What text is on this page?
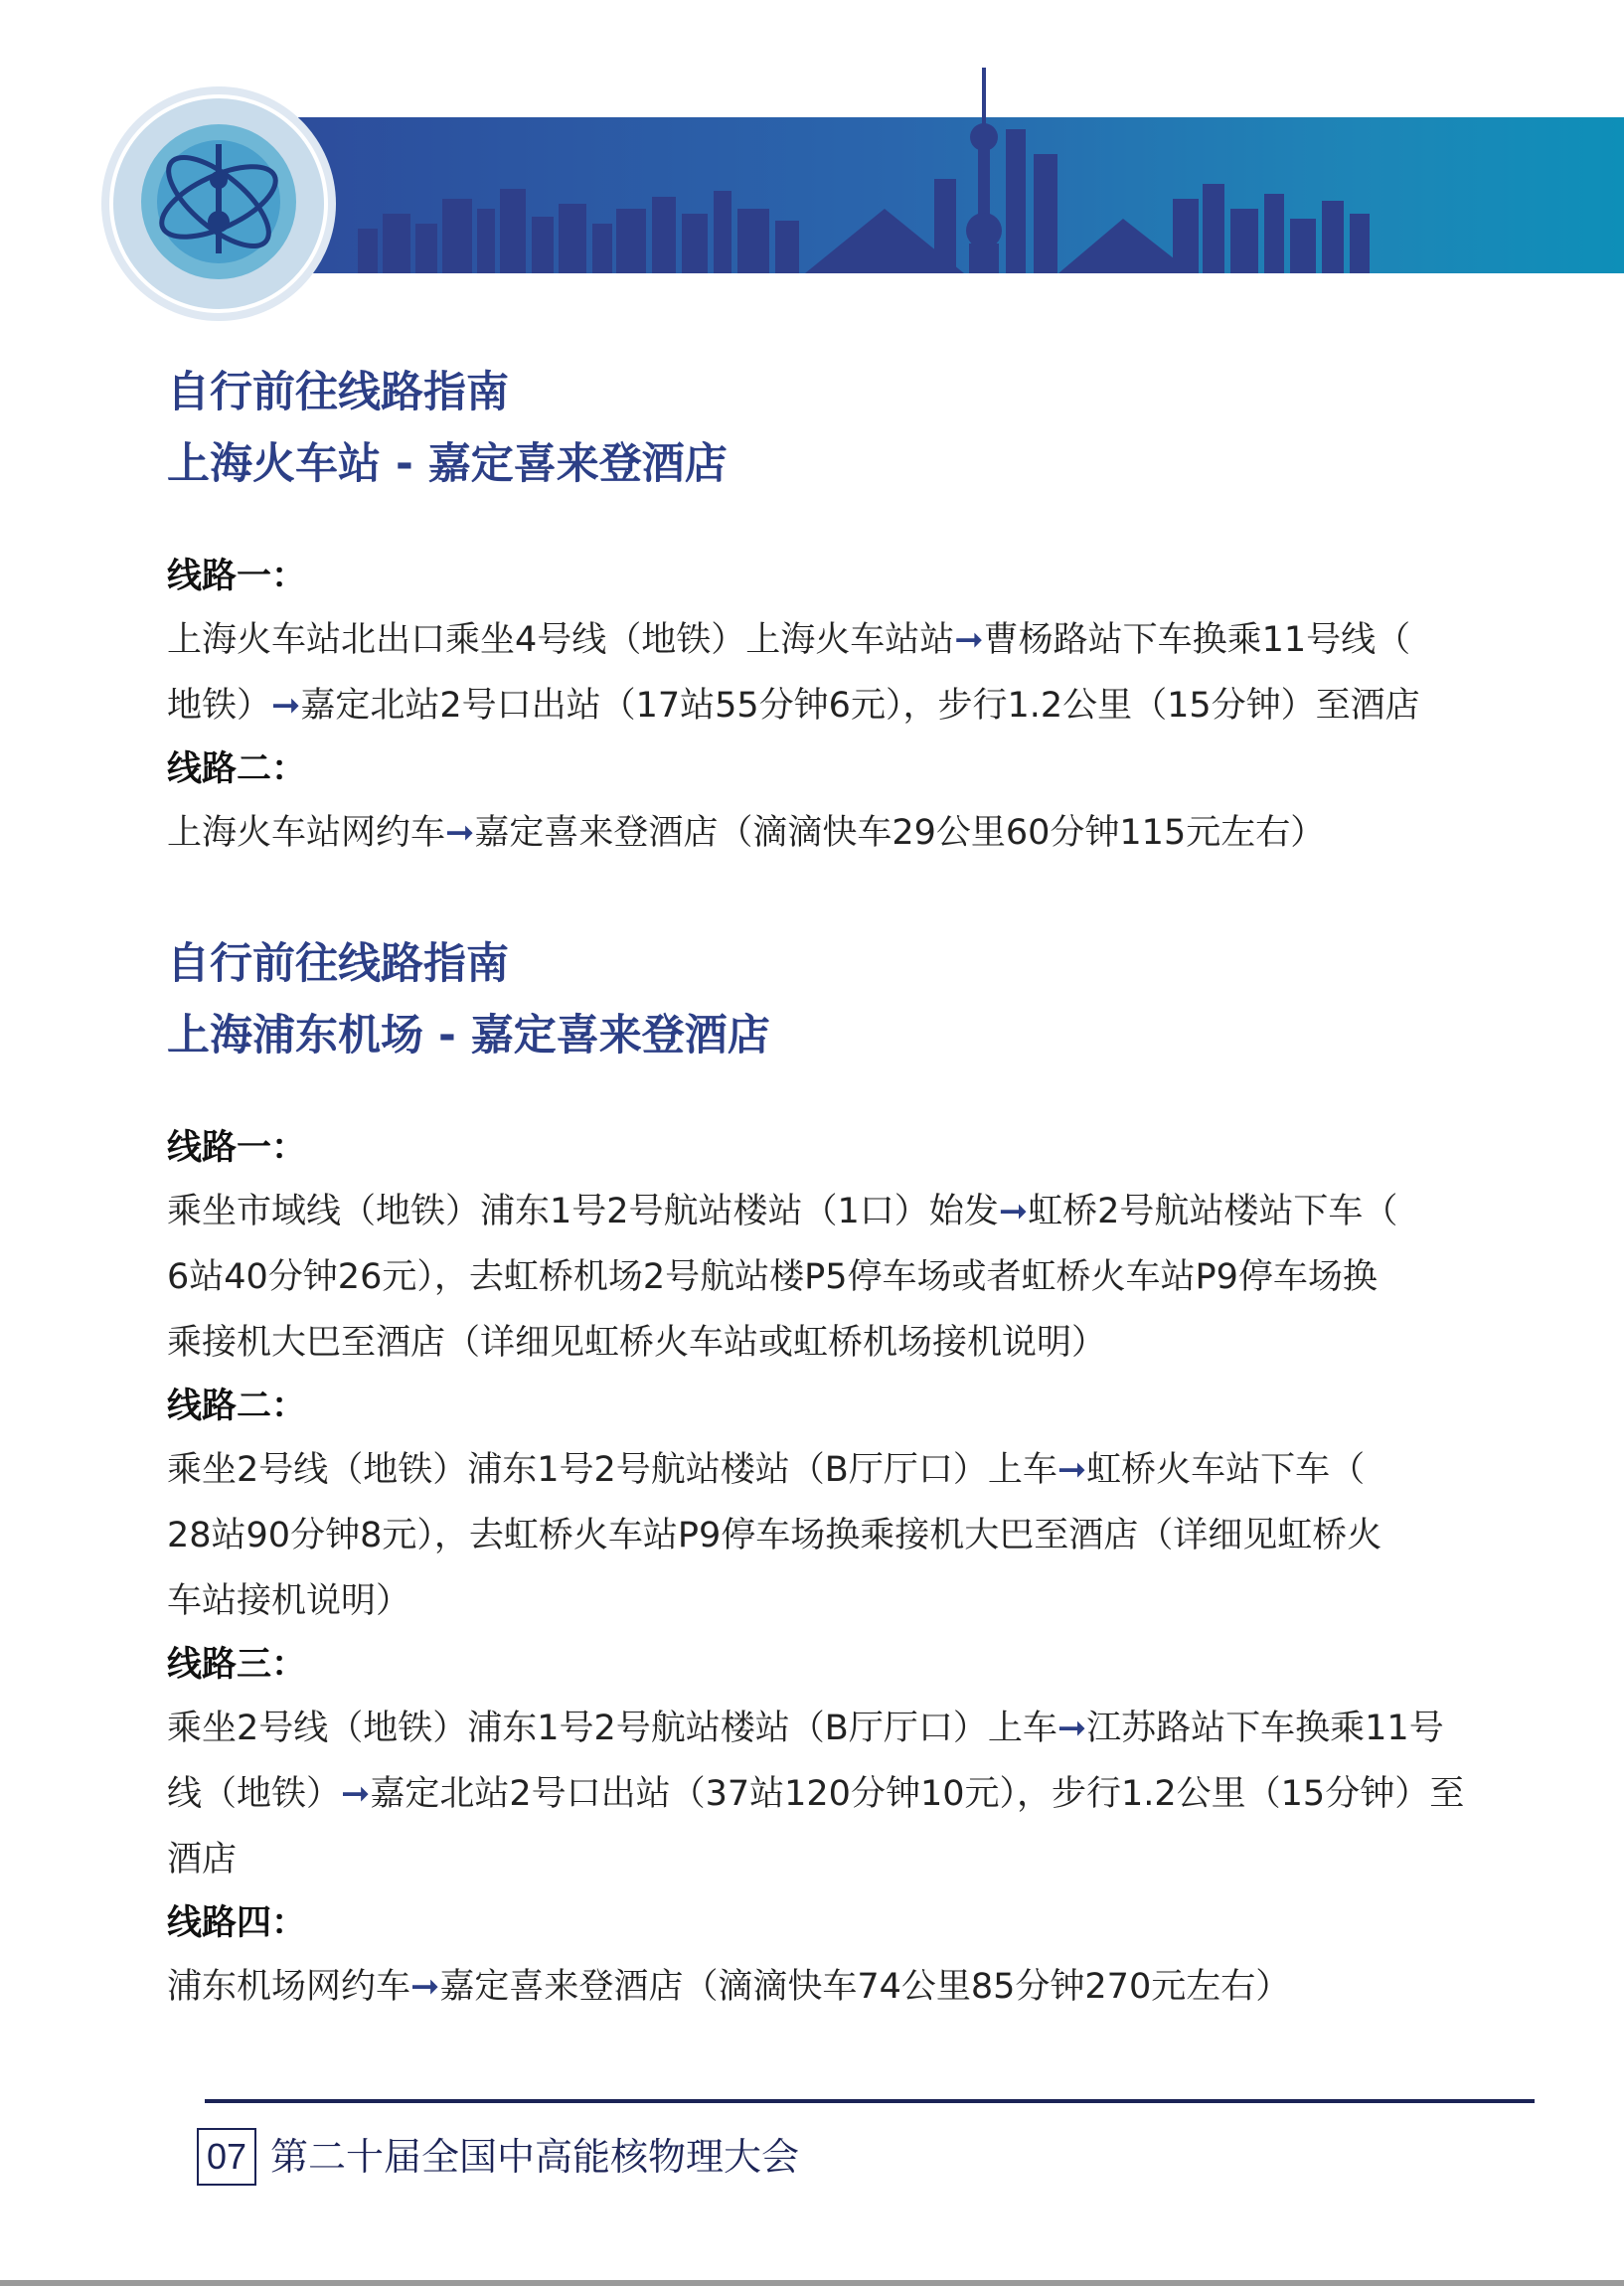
自行前往线路指南

上海火车站 - 嘉定喜来登酒店

线路一：

上海火车站北出口乘坐4号线（地铁）上海火车站站➞曹杨路站下车换乘11号线（

地铁）➞嘉定北站2号口出站（17站55分钟6元），步行1.2公里（15分钟）至酒店

线路二：

上海火车站网约车➞嘉定喜来登酒店（滴滴快车29公里60分钟115元左右）

自行前往线路指南

上海浦东机场 - 嘉定喜来登酒店

线路一：

乘坐市域线（地铁）浦东1号2号航站楼站（1口）始发➞虹桥2号航站楼站下车（

6站40分钟26元），去虹桥机场2号航站楼P5停车场或者虹桥火车站P9停车场换

乘接机大巴至酒店（详细见虹桥火车站或虹桥机场接机说明）

线路二：

乘坐2号线（地铁）浦东1号2号航站楼站（B厅厅口）上车➞虹桥火车站下车（

28站90分钟8元），去虹桥火车站P9停车场换乘接机大巴至酒店（详细见虹桥火

车站接机说明）

线路三：

乘坐2号线（地铁）浦东1号2号航站楼站（B厅厅口）上车➞江苏路站下车换乘11号

线（地铁）➞嘉定北站2号口出站（37站120分钟10元），步行1.2公里（15分钟）至

酒店

线路四：

浦东机场网约车➞嘉定喜来登酒店（滴滴快车74公里85分钟270元左右）

07 第二十届全国中高能核物理大会
